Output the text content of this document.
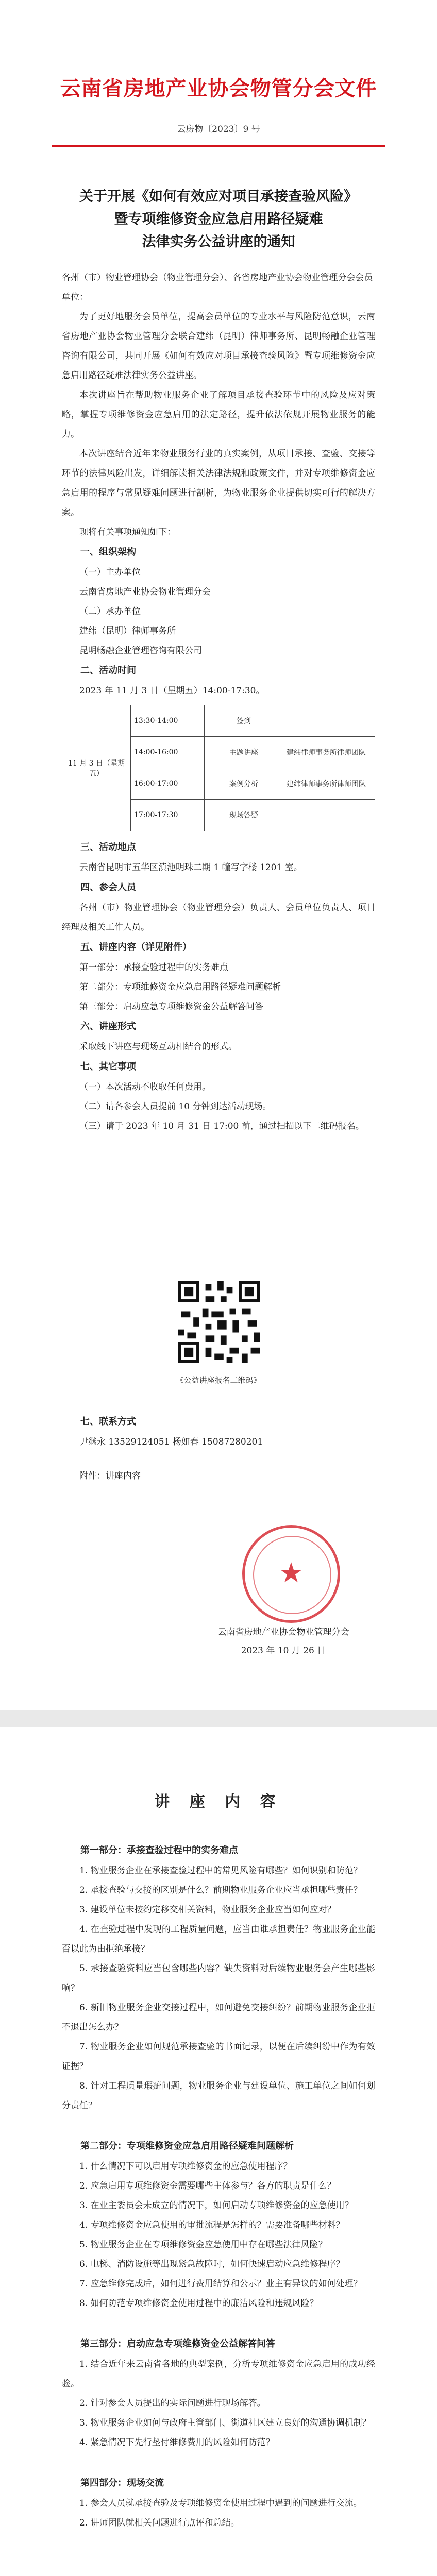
云南省房地产业协会物管分会文件
云房物〔2023〕9 号
关于开展《如何有效应对项目承接查验风险》
暨专项维修资金应急启用路径疑难
法律实务公益讲座的通知

各州（市）物业管理协会（物业管理分会）、各省房地产业协会物业管理分会会员单位：

为了更好地服务会员单位，提高会员单位的专业水平与风险防范意识，云南省房地产业协会物业管理分会联合建纬（昆明）律师事务所、昆明畅融企业管理咨询有限公司，共同开展《如何有效应对项目承接查验风险》暨专项维修资金应急启用路径疑难法律实务公益讲座。

本次讲座旨在帮助物业服务企业了解项目承接查验环节中的风险及应对策略，掌握专项维修资金应急启用的法定路径，提升依法依规开展物业服务的能力。

本次讲座结合近年来物业服务行业的真实案例，从项目承接、查验、交接等环节的法律风险出发，详细解读相关法律法规和政策文件，并对专项维修资金应急启用的程序与常见疑难问题进行剖析，为物业服务企业提供切实可行的解决方案。

现将有关事项通知如下：

一、组织架构

（一）主办单位

云南省房地产业协会物业管理分会

（二）承办单位

建纬（昆明）律师事务所

昆明畅融企业管理咨询有限公司

二、活动时间

2023 年 11 月 3 日（星期五）14:00-17:30。

11 月 3 日（星期五）	13:30-14:00	签到	
	14:00-16:00	主题讲座	建纬律师事务所律师团队
	16:00-17:00	案例分析	建纬律师事务所律师团队
	17:00-17:30	现场答疑	

三、活动地点

云南省昆明市五华区滇池明珠二期 1 幢写字楼 1201 室。

四、参会人员

各州（市）物业管理协会（物业管理分会）负责人、会员单位负责人、项目经理及相关工作人员。

五、讲座内容（详见附件）

第一部分：承接查验过程中的实务难点

第二部分：专项维修资金应急启用路径疑难问题解析

第三部分：启动应急专项维修资金公益解答问答

六、讲座形式

采取线下讲座与现场互动相结合的形式。

七、其它事项

（一）本次活动不收取任何费用。

（二）请各参会人员提前 10 分钟到达活动现场。

（三）请于 2023 年 10 月 31 日 17:00 前，通过扫描以下二维码报名。

《公益讲座报名二维码》

七、联系方式

尹继永 13529124051 杨如春 15087280201

附件：讲座内容

★
云南省房地产业协会物业管理分会
2023 年 10 月 26 日
讲 座 内 容

第一部分：承接查验过程中的实务难点

1. 物业服务企业在承接查验过程中的常见风险有哪些？如何识别和防范？

2. 承接查验与交接的区别是什么？前期物业服务企业应当承担哪些责任？

3. 建设单位未按约定移交相关资料，物业服务企业应当如何应对？

4. 在查验过程中发现的工程质量问题，应当由谁承担责任？物业服务企业能否以此为由拒绝承接？

5. 承接查验资料应当包含哪些内容？缺失资料对后续物业服务会产生哪些影响？

6. 新旧物业服务企业交接过程中，如何避免交接纠纷？前期物业服务企业拒不退出怎么办？

7. 物业服务企业如何规范承接查验的书面记录，以便在后续纠纷中作为有效证据？

8. 针对工程质量瑕疵问题，物业服务企业与建设单位、施工单位之间如何划分责任？

第二部分：专项维修资金应急启用路径疑难问题解析

1. 什么情况下可以启用专项维修资金的应急使用程序？

2. 应急启用专项维修资金需要哪些主体参与？各方的职责是什么？

3. 在业主委员会未成立的情况下，如何启动专项维修资金的应急使用？

4. 专项维修资金应急使用的审批流程是怎样的？需要准备哪些材料？

5. 物业服务企业在专项维修资金应急使用中存在哪些法律风险？

6. 电梯、消防设施等出现紧急故障时，如何快速启动应急维修程序？

7. 应急维修完成后，如何进行费用结算和公示？业主有异议的如何处理？

8. 如何防范专项维修资金使用过程中的廉洁风险和违规风险？

第三部分：启动应急专项维修资金公益解答问答

1. 结合近年来云南省各地的典型案例，分析专项维修资金应急启用的成功经验。

2. 针对参会人员提出的实际问题进行现场解答。

3. 物业服务企业如何与政府主管部门、街道社区建立良好的沟通协调机制？

4. 紧急情况下先行垫付维修费用的风险如何防范？

第四部分：现场交流

1. 参会人员就承接查验及专项维修资金使用过程中遇到的问题进行交流。

2. 讲师团队就相关问题进行点评和总结。
